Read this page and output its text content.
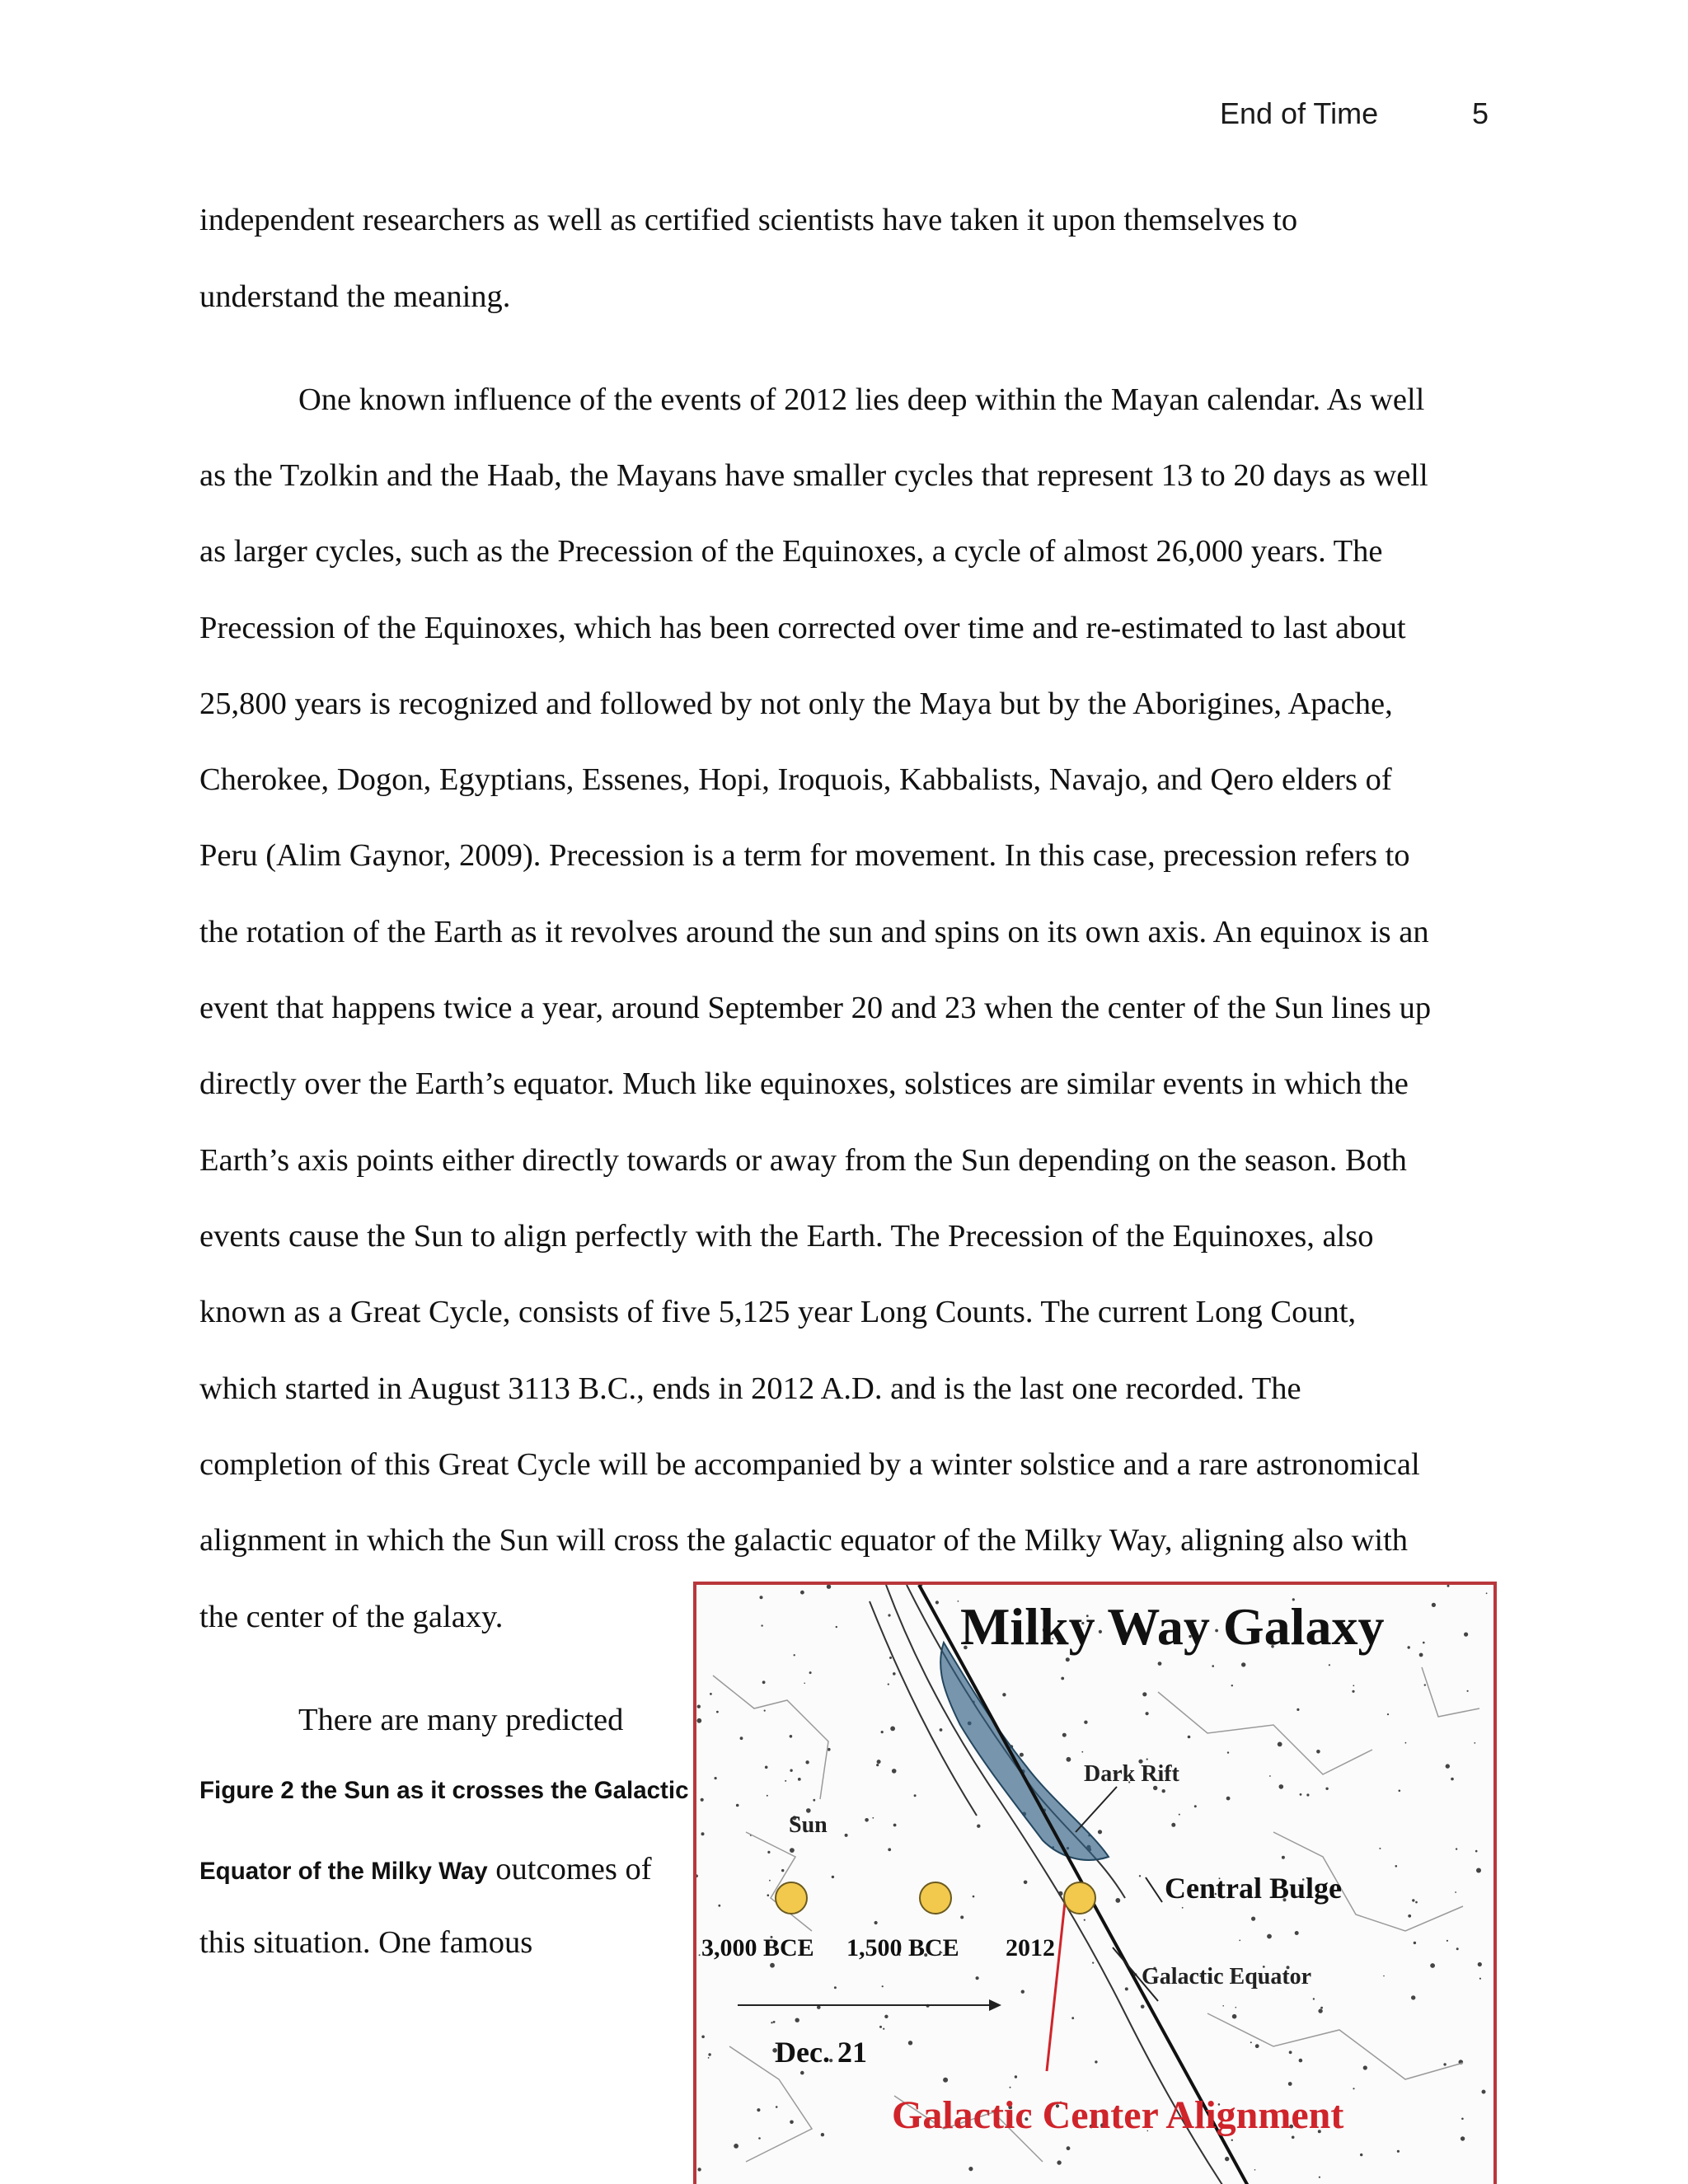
End of Time	5
independent researchers as well as certified scientists have taken it upon themselves to
understand the meaning.
One known influence of the events of 2012 lies deep within the Mayan calendar. As well
as the Tzolkin and the Haab, the Mayans have smaller cycles that represent 13 to 20 days as well
as larger cycles, such as the Precession of the Equinoxes, a cycle of almost 26,000 years. The
Precession of the Equinoxes, which has been corrected over time and re-estimated to last about
25,800 years is recognized and followed by not only the Maya but by the Aborigines, Apache,
Cherokee, Dogon, Egyptians, Essenes, Hopi, Iroquois, Kabbalists, Navajo, and Qero elders of
Peru (Alim Gaynor, 2009). Precession is a term for movement. In this case, precession refers to
the rotation of the Earth as it revolves around the sun and spins on its own axis. An equinox is an
event that happens twice a year, around September 20 and 23 when the center of the Sun lines up
directly over the Earth’s equator. Much like equinoxes, solstices are similar events in which the
Earth’s axis points either directly towards or away from the Sun depending on the season. Both
events cause the Sun to align perfectly with the Earth. The Precession of the Equinoxes, also
known as a Great Cycle, consists of five 5,125 year Long Counts. The current Long Count,
which started in August 3113 B.C., ends in 2012 A.D. and is the last one recorded. The
completion of this Great Cycle will be accompanied by a winter solstice and a rare astronomical
alignment in which the Sun will cross the galactic equator of the Milky Way, aligning also with
the center of the galaxy.
There are many predicted
Figure 2 the Sun as it crosses the Galactic
Equator of the Milky Way outcomes of
this situation. One famous
Milky Way Galaxy
Dark Rift
Sun
Central Bulge
3,000 BCE 1,500 BCE 2012
Galactic Equator
Dec. 21
Galactic Center Alignment
